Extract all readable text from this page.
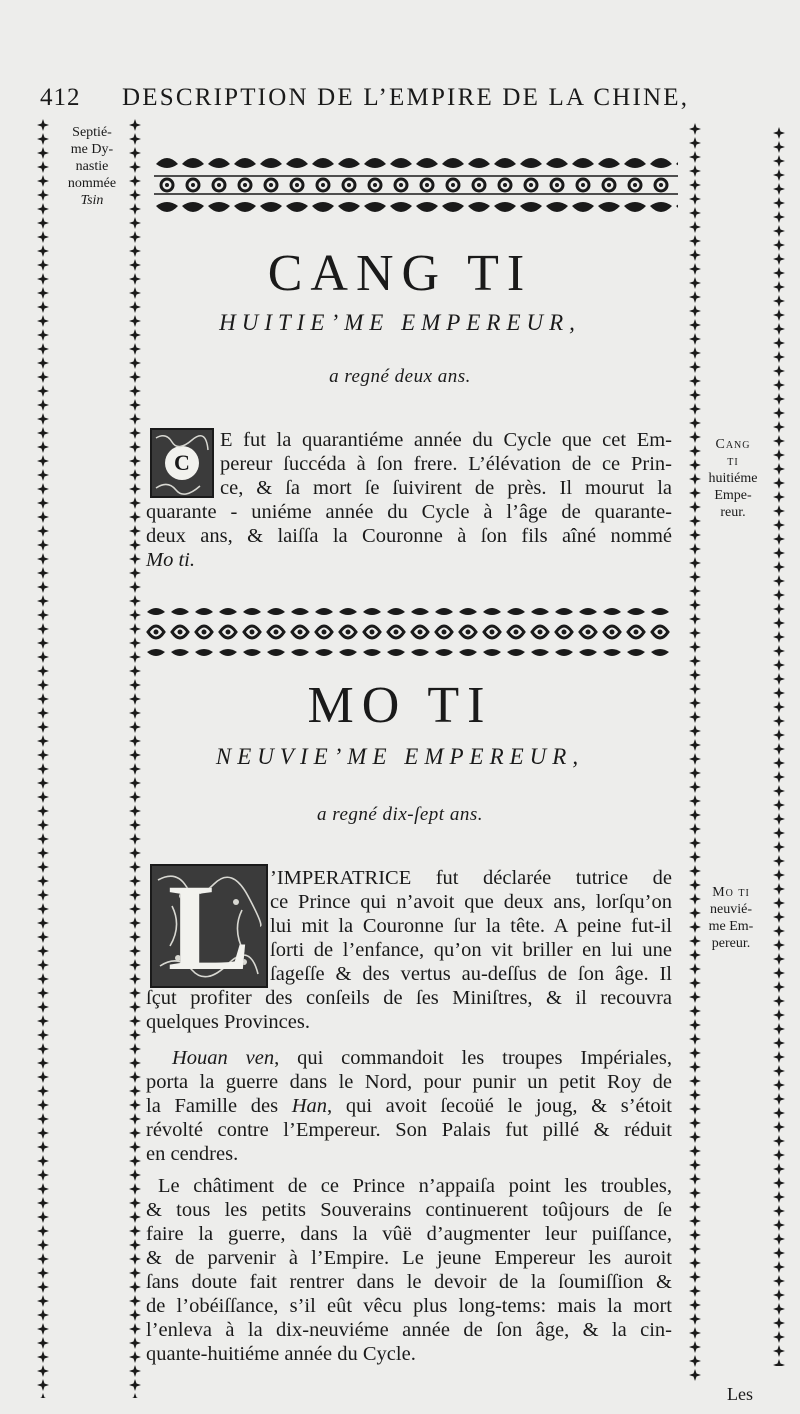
412 DESCRIPTION DE L’EMPIRE DE LA CHINE,
Septié-
me Dy-
nastie
nommée
Tsin
Cang
ti
huitiéme
Empe-
reur.
Mo ti
neuvié-
me Em-
pereur.
CANG TI
HUITIE’ME EMPEREUR,
a regné deux ans.
C
E fut la quarantiéme année du Cycle que cet Em-
pereur ſuccéda à ſon frere. L’élévation de ce Prin-
ce, & ſa mort ſe ſuivirent de près. Il mourut la
quarante - uniéme année du Cycle à l’âge de quarante-
deux ans, & laiſſa la Couronne à ſon fils aîné nommé
Mo ti.
MO TI
NEUVIE’ME EMPEREUR,
a regné dix-ſept ans.
L ’IMPERATRICE fut déclarée tutrice de
ce Prince qui n’avoit que deux ans, lorſqu’on
lui mit la Couronne ſur la tête. A peine fut-il
ſorti de l’enfance, qu’on vit briller en lui une
ſageſſe & des vertus au-deſſus de ſon âge. Il
ſçut profiter des conſeils de ſes Miniſtres, & il recouvra
quelques Provinces.
Houan ven, qui commandoit les troupes Impériales,
porta la guerre dans le Nord, pour punir un petit Roy de
la Famille des Han, qui avoit ſecoüé le joug, & s’étoit
révolté contre l’Empereur. Son Palais fut pillé & réduit
en cendres.
Le châtiment de ce Prince n’appaiſa point les troubles,
& tous les petits Souverains continuerent toûjours de ſe
faire la guerre, dans la vûë d’augmenter leur puiſſance,
& de parvenir à l’Empire. Le jeune Empereur les auroit
ſans doute fait rentrer dans le devoir de la ſoumiſſion &
de l’obéiſſance, s’il eût vêcu plus long-tems: mais la mort
l’enleva à la dix-neuviéme année de ſon âge, & la cin-
quante-huitiéme année du Cycle.
Les
